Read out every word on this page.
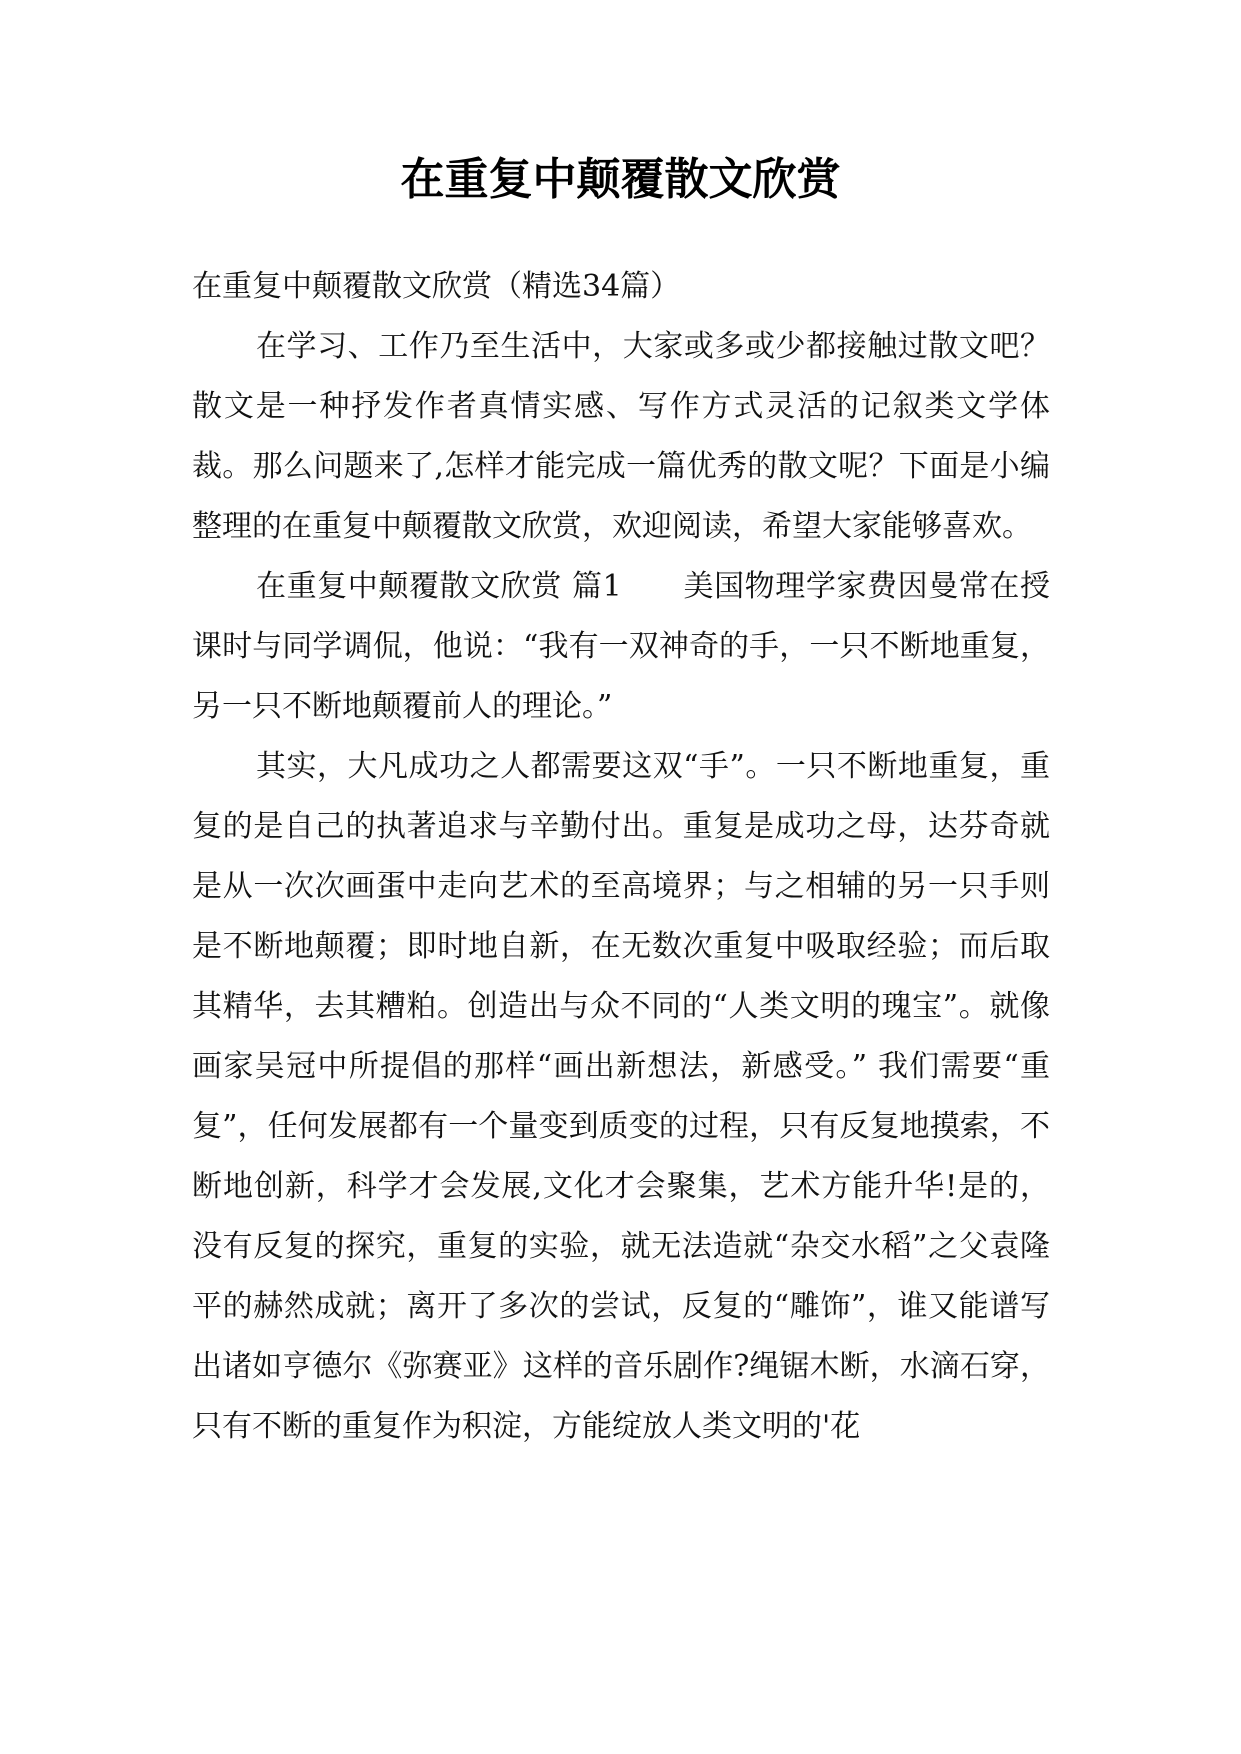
在重复中颠覆散文欣赏

在重复中颠覆散文欣赏（精选34篇）

在学习、工作乃至生活中，大家或多或少都接触过散文吧？散文是一种抒发作者真情实感、写作方式灵活的记叙类文学体裁。那么问题来了,怎样才能完成一篇优秀的散文呢？下面是小编整理的在重复中颠覆散文欣赏，欢迎阅读，希望大家能够喜欢。

在重复中颠覆散文欣赏 篇1　　美国物理学家费因曼常在授课时与同学调侃，他说：“我有一双神奇的手，一只不断地重复，另一只不断地颠覆前人的理论。”

其实，大凡成功之人都需要这双“手”。一只不断地重复，重复的是自己的执著追求与辛勤付出。重复是成功之母，达芬奇就是从一次次画蛋中走向艺术的至高境界；与之相辅的另一只手则是不断地颠覆；即时地自新，在无数次重复中吸取经验；而后取其精华，去其糟粕。创造出与众不同的“人类文明的瑰宝”。就像画家吴冠中所提倡的那样“画出新想法，新感受。” 我们需要“重复”，任何发展都有一个量变到质变的过程，只有反复地摸索，不断地创新，科学才会发展,文化才会聚集，艺术方能升华!是的，没有反复的探究，重复的实验，就无法造就“杂交水稻”之父袁隆平的赫然成就；离开了多次的尝试，反复的“雕饰”，谁又能谱写出诸如亨德尔《弥赛亚》这样的音乐剧作?绳锯木断，水滴石穿，只有不断的重复作为积淀，方能绽放人类文明的'花
